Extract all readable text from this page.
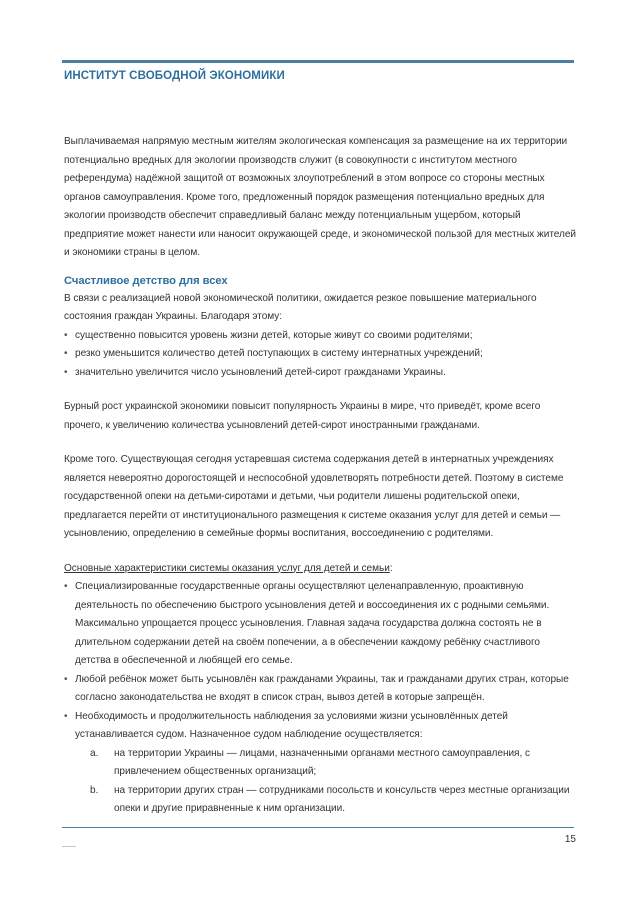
ИНСТИТУТ СВОБОДНОЙ ЭКОНОМИКИ

Выплачиваемая напрямую местным жителям экологическая компенсация за размещение на их территории потенциально вредных для экологии производств служит (в совокупности с институтом местного референдума) надёжной защитой от возможных злоупотреблений в этом вопросе со стороны местных органов самоуправления. Кроме того, предложенный порядок размещения потенциально вредных для экологии производств обеспечит справедливый баланс между потенциальным ущербом, который предприятие может нанести или наносит окружающей среде, и экономической пользой для местных жителей и экономики страны в целом.

Счастливое детство для всех

В связи с реализацией новой экономической политики, ожидается резкое повышение материального состояния граждан Украины. Благодаря этому:

• существенно повысится уровень жизни детей, которые живут со своими родителями;
• резко уменьшится количество детей поступающих в систему интернатных учреждений;
• значительно увеличится число усыновлений детей-сирот гражданами Украины.

Бурный рост украинской экономики повысит популярность Украины в мире, что приведёт, кроме всего прочего, к увеличению количества усыновлений детей-сирот иностранными гражданами.

Кроме того. Существующая сегодня устаревшая система содержания детей в интернатных учреждениях является невероятно дорогостоящей и неспособной удовлетворять потребности детей. Поэтому в системе государственной опеки на детьми-сиротами и детьми, чьи родители лишены родительской опеки, предлагается перейти от институционального размещения к системе оказания услуг для детей и семьи — усыновлению, определению в семейные формы воспитания, воссоединению с родителями.

Основные характеристики системы оказания услуг для детей и семьи:

• Специализированные государственные органы осуществляют целенаправленную, проактивную деятельность по обеспечению быстрого усыновления детей и воссоединения их с родными семьями. Максимально упрощается процесс усыновления. Главная задача государства должна состоять не в длительном содержании детей на своём попечении, а в обеспечении каждому ребёнку счастливого детства в обеспеченной и любящей его семье.
• Любой ребёнок может быть усыновлён как гражданами Украины, так и гражданами других стран, которые согласно законодательства не входят в список стран, вывоз детей в которые запрещён.
• Необходимость и продолжительность наблюдения за условиями жизни усыновлённых детей устанавливается судом. Назначенное судом наблюдение осуществляется:
a. на территории Украины — лицами, назначенными органами местного самоуправления, с привлечением общественных организаций;
b. на территории других стран — сотрудниками посольств и консульств через местные организации опеки и другие приравненные к ним организации.
15
